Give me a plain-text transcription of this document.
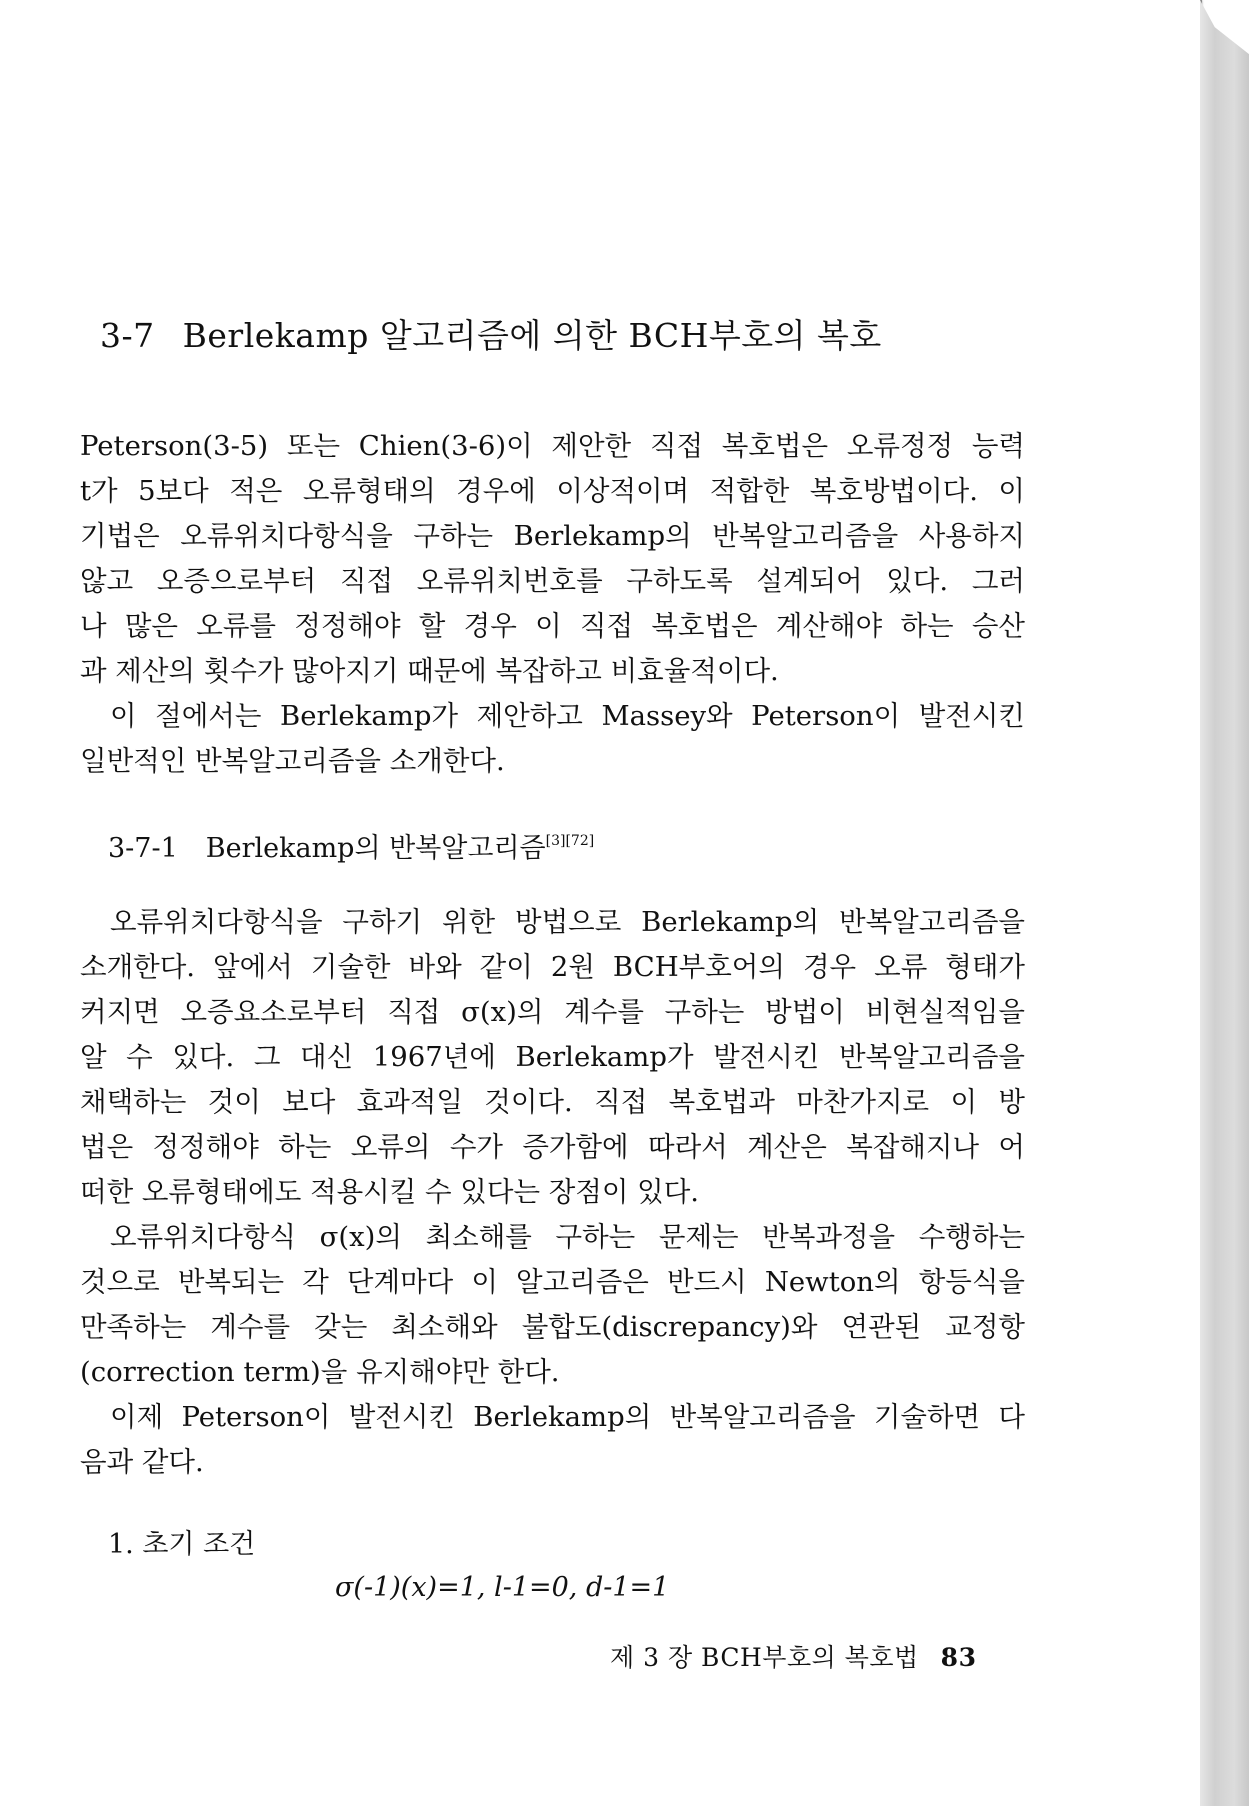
3-7 Berlekamp 알고리즘에 의한 BCH부호의 복호
Peterson(3-5) 또는 Chien(3-6)이 제안한 직접 복호법은 오류정정 능력
t가 5보다 적은 오류형태의 경우에 이상적이며 적합한 복호방법이다. 이
기법은 오류위치다항식을 구하는 Berlekamp의 반복알고리즘을 사용하지
않고 오증으로부터 직접 오류위치번호를 구하도록 설계되어 있다. 그러
나 많은 오류를 정정해야 할 경우 이 직접 복호법은 계산해야 하는 승산
과 제산의 횟수가 많아지기 때문에 복잡하고 비효율적이다.
이 절에서는 Berlekamp가 제안하고 Massey와 Peterson이 발전시킨
일반적인 반복알고리즘을 소개한다.
3-7-1 Berlekamp의 반복알고리즘[3][72]
오류위치다항식을 구하기 위한 방법으로 Berlekamp의 반복알고리즘을
소개한다. 앞에서 기술한 바와 같이 2원 BCH부호어의 경우 오류 형태가
커지면 오증요소로부터 직접 σ(x)의 계수를 구하는 방법이 비현실적임을
알 수 있다. 그 대신 1967년에 Berlekamp가 발전시킨 반복알고리즘을
채택하는 것이 보다 효과적일 것이다. 직접 복호법과 마찬가지로 이 방
법은 정정해야 하는 오류의 수가 증가함에 따라서 계산은 복잡해지나 어
떠한 오류형태에도 적용시킬 수 있다는 장점이 있다.
오류위치다항식 σ(x)의 최소해를 구하는 문제는 반복과정을 수행하는
것으로 반복되는 각 단계마다 이 알고리즘은 반드시 Newton의 항등식을
만족하는 계수를 갖는 최소해와 불합도(discrepancy)와 연관된 교정항
(correction term)을 유지해야만 한다.
이제 Peterson이 발전시킨 Berlekamp의 반복알고리즘을 기술하면 다
음과 같다.
1. 초기 조건
σ(-1)(x)=1, l-1=0, d-1=1
제 3 장 BCH부호의 복호법 83
